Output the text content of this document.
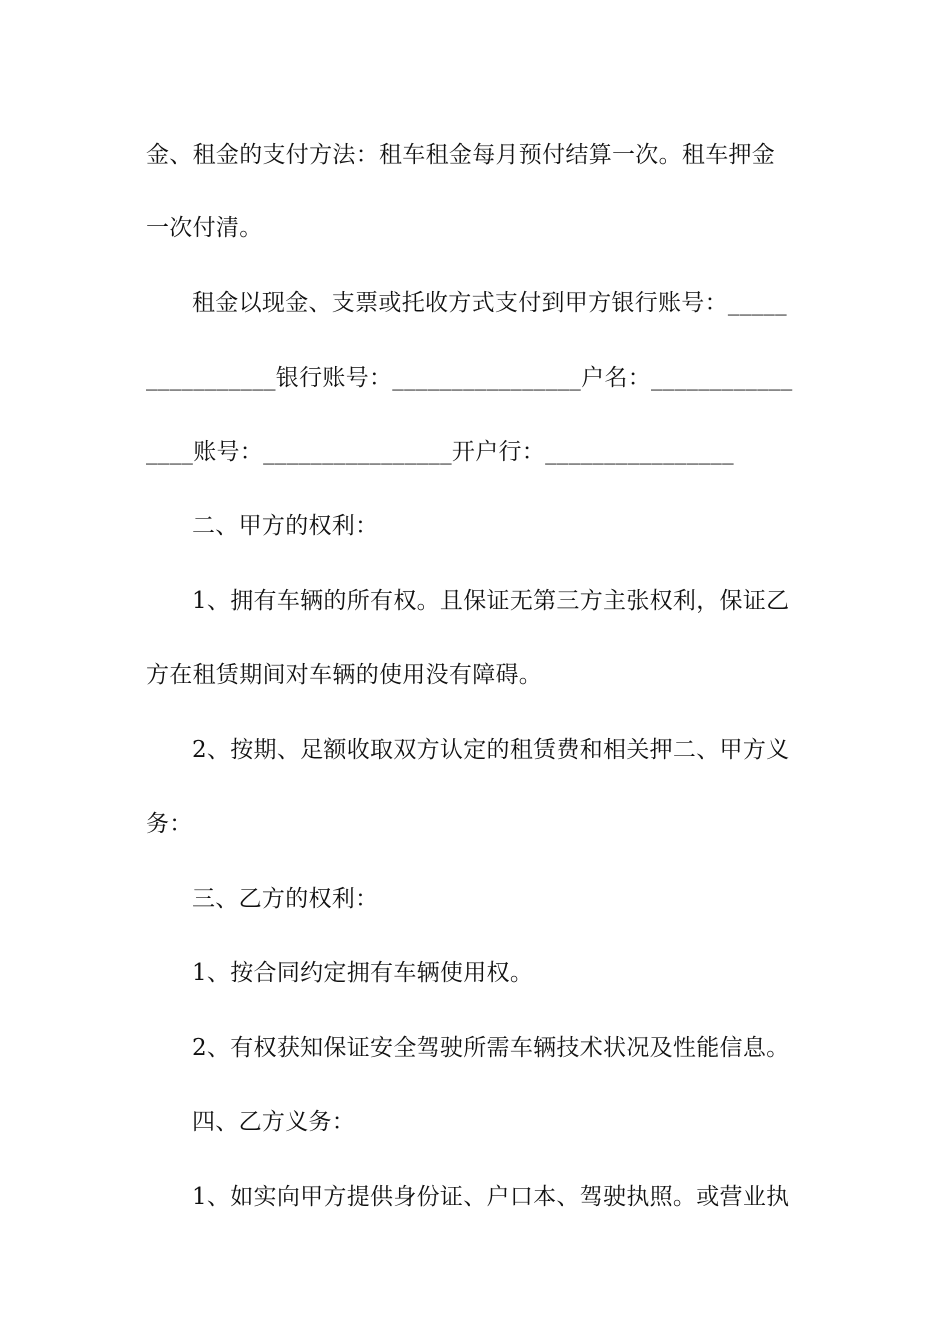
金、租金的支付方法：租车租金每月预付结算一次。租车押金
一次付清。
租金以现金、支票或托收方式支付到甲方银行账号：_____
___________银行账号：________________户名：____________
____账号：________________开户行：________________
二、甲方的权利：
1、拥有车辆的所有权。且保证无第三方主张权利，保证乙
方在租赁期间对车辆的使用没有障碍。
2、按期、足额收取双方认定的租赁费和相关押二、甲方义
务：
三、乙方的权利：
1、按合同约定拥有车辆使用权。
2、有权获知保证安全驾驶所需车辆技术状况及性能信息。
四、乙方义务：
1、如实向甲方提供身份证、户口本、驾驶执照。或营业执
